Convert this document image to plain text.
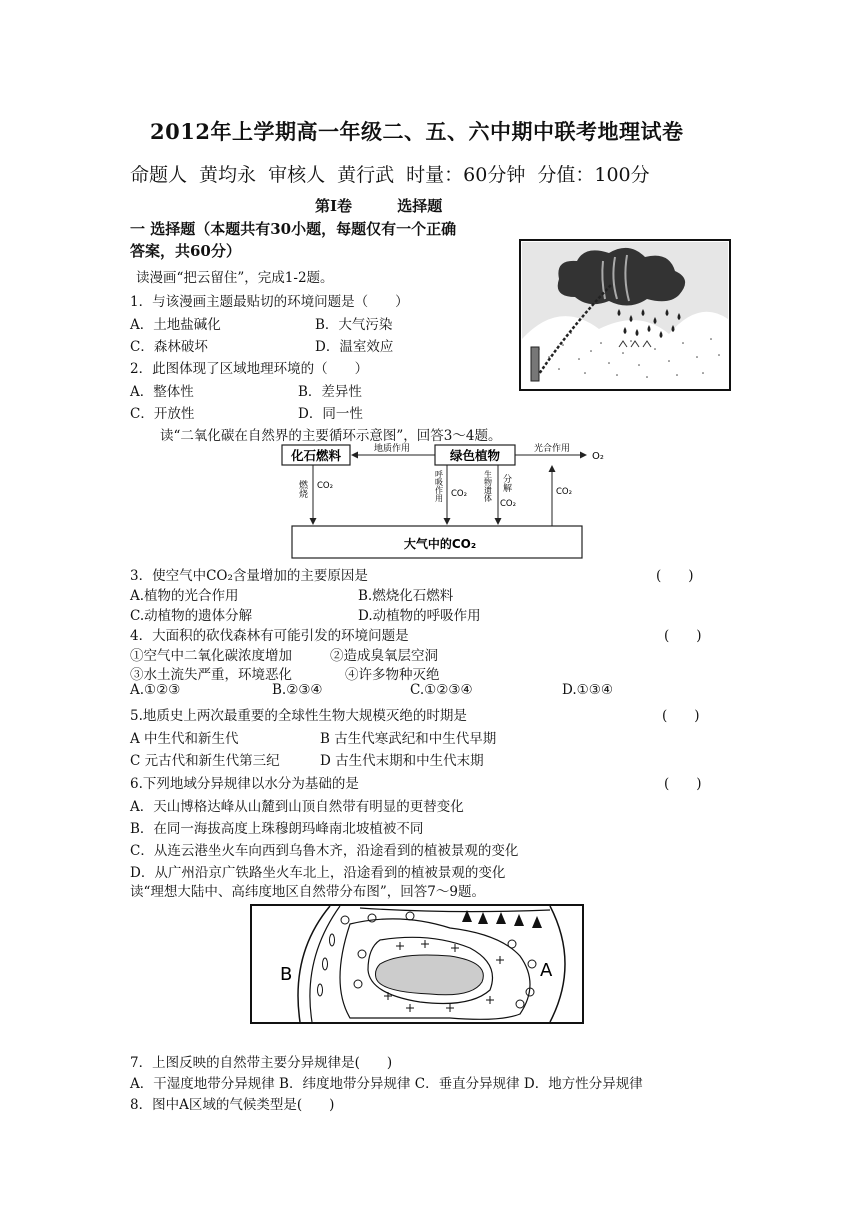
2012年上学期高一年级二、五、六中期中联考地理试卷
命题人 黄均永 审核人 黄行武 时量：60分钟 分值：100分
第Ⅰ卷 选择题
一 选择题（本题共有30小题，每题仅有一个正确
答案，共60分）
读漫画“把云留住”，完成1-2题。
1．与该漫画主题最贴切的环境问题是（　　）
A．土地盐碱化	B．大气污染
C．森林破坏	D．温室效应
2．此图体现了区域地理环境的（　　）
A．整体性	B．差异性
C．开放性	D．同一性
读“二氧化碳在自然界的主要循环示意图”，回答3～4题。
化石燃料	绿色植物
地质作用	光合作用
O₂
大气中的CO₂
燃烧 CO₂	呼吸作用 CO₂ 生物遗体 分解
CO₂
CO₂
3．使空气中CO₂含量增加的主要原因是	(　　)
A.植物的光合作用	B.燃烧化石燃料
C.动植物的遗体分解	D.动植物的呼吸作用
4．大面积的砍伐森林有可能引发的环境问题是	(　　)
①空气中二氧化碳浓度增加	②造成臭氧层空洞
③水土流失严重，环境恶化	④许多物种灭绝
A.①②③	B.②③④	C.①②③④	D.①③④
5.地质史上两次最重要的全球性生物大规模灭绝的时期是	(　　)
A 中生代和新生代	B 古生代寒武纪和中生代早期
C 元古代和新生代第三纪	D 古生代末期和中生代末期
6.下列地域分异规律以水分为基础的是	(　　)
A．天山博格达峰从山麓到山顶自然带有明显的更替变化
B．在同一海拔高度上珠穆朗玛峰南北坡植被不同
C．从连云港坐火车向西到乌鲁木齐，沿途看到的植被景观的变化
D．从广州沿京广铁路坐火车北上，沿途看到的植被景观的变化
读“理想大陆中、高纬度地区自然带分布图”，回答7～9题。
B	A
7．上图反映的自然带主要分异规律是(　　)
A．干湿度地带分异规律 B．纬度地带分异规律 C．垂直分异规律 D．地方性分异规律
8．图中A区域的气候类型是(　　)
